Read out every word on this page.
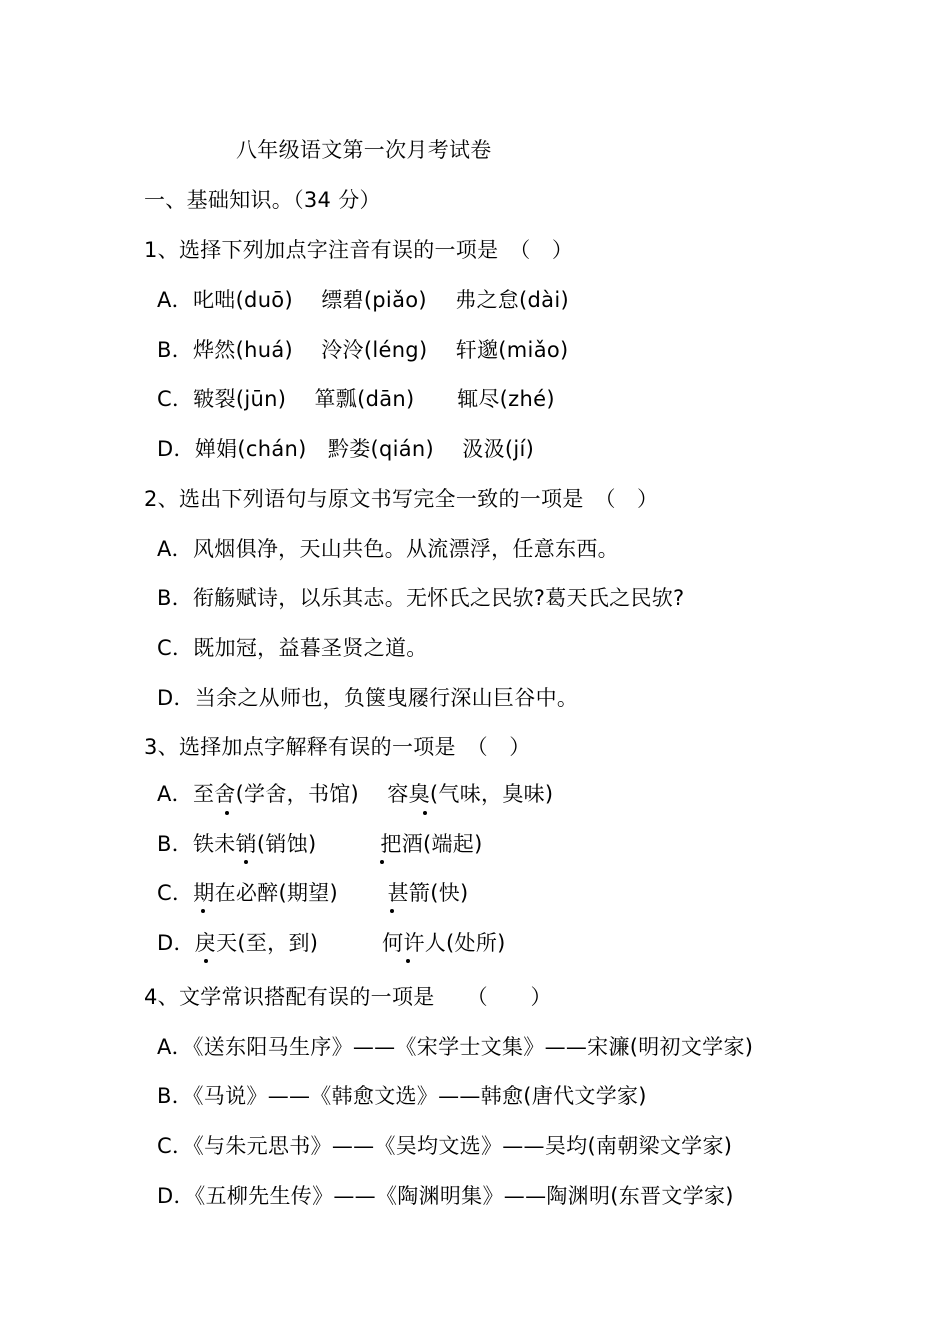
八年级语文第一次月考试卷
一、基础知识。（34 分）
1、选择下列加点字注音有误的一项是　（　）
A．叱咄(duō)　 缥碧(piǎo)　 弗之怠(dài)
B．烨然(huá)　 泠泠(léng)　 轩邈(miǎo)
C．皲裂(jūn)　 箪瓢(dān)　　辄尽(zhé)
D．婵娟(chán)　黔娄(qián)　 汲汲(jí)
2、选出下列语句与原文书写完全一致的一项是　（　）
A．风烟俱净，天山共色。从流漂浮，任意东西。
B．衔觞赋诗，以乐其志。无怀氏之民欤?葛天氏之民欤?
C．既加冠，益暮圣贤之道。
D．当余之从师也，负箧曳屦行深山巨谷中。
3、选择加点字解释有误的一项是　（　）
A．至舍(学舍，书馆)　 容臭(气味，臭味)
B．铁未销(销蚀)　　　把酒(端起)
C．期在必醉(期望)　　 甚箭(快)
D．戾天(至，到)　　　何许人(处所)
4、文学常识搭配有误的一项是　　（　　）
A．《送东阳马生序》——《宋学士文集》——宋濂(明初文学家)
B．《马说》——《韩愈文选》——韩愈(唐代文学家)
C．《与朱元思书》——《吴均文选》——吴均(南朝梁文学家)
D．《五柳先生传》——《陶渊明集》——陶渊明(东晋文学家)
